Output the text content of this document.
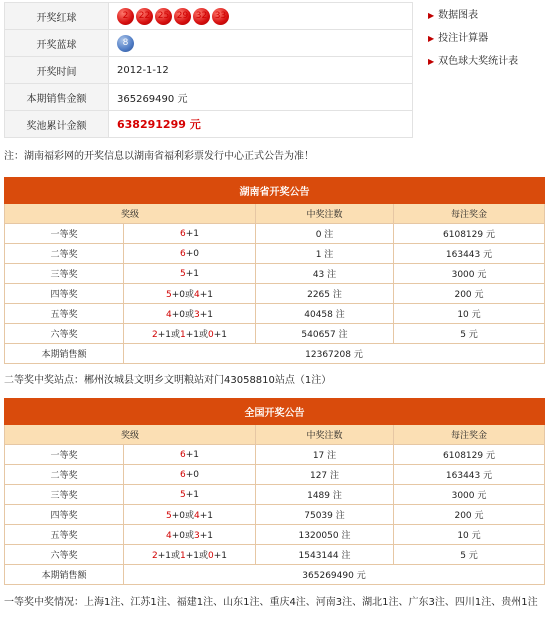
开奖红球	2 22 25 29 32 33
开奖蓝球	8
开奖时间	2012-1-12
本期销售金额	365269490 元
奖池累计金额	638291299 元
▶ 数据图表
▶ 投注计算器
▶ 双色球大奖统计表
注：湖南福彩网的开奖信息以湖南省福利彩票发行中心正式公告为准！
湖南省开奖公告			
奖级		中奖注数	每注奖金
一等奖	6+1	0 注	6108129 元
二等奖	6+0	1 注	163443 元
三等奖	5+1	43 注	3000 元
四等奖	5+0或4+1	2265 注	200 元
五等奖	4+0或3+1	40458 注	10 元
六等奖	2+1或1+1或0+1	540657 注	5 元
本期销售额	12367208 元		
二等奖中奖站点：郴州汝城县文明乡文明粮站对门43058810站点（1注）
全国开奖公告			
奖级		中奖注数	每注奖金
一等奖	6+1	17 注	6108129 元
二等奖	6+0	127 注	163443 元
三等奖	5+1	1489 注	3000 元
四等奖	5+0或4+1	75039 注	200 元
五等奖	4+0或3+1	1320050 注	10 元
六等奖	2+1或1+1或0+1	1543144 注	5 元
本期销售额	365269490 元		
一等奖中奖情况：上海1注、江苏1注、福建1注、山东1注、重庆4注、河南3注、湖北1注、广东3注、四川1注、贵州1注
